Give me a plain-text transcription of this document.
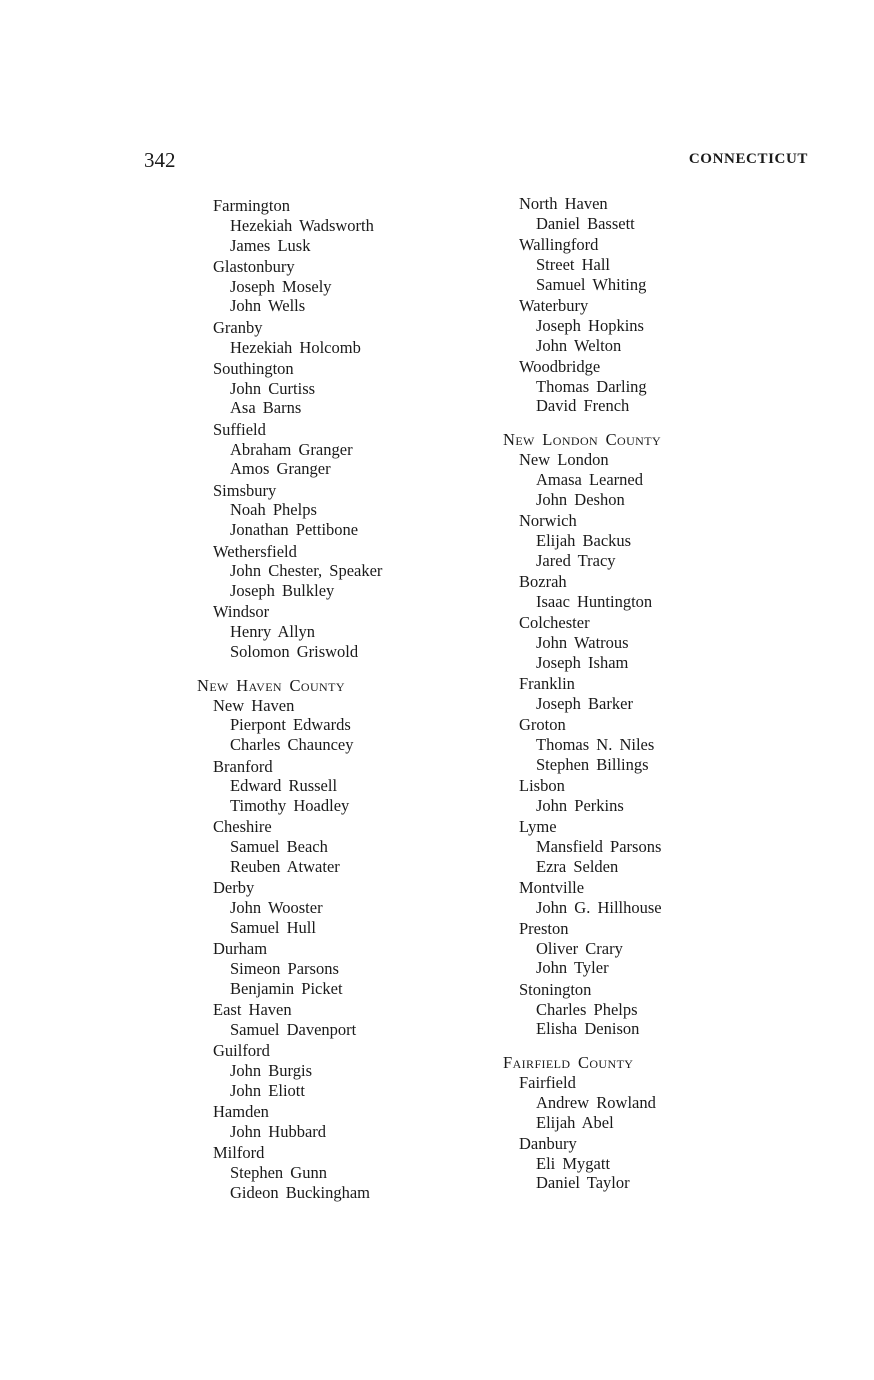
342	CONNECTICUT
Farmington
Hezekiah Wadsworth
James Lusk
Glastonbury
Joseph Mosely
John Wells
Granby
Hezekiah Holcomb
Southington
John Curtiss
Asa Barns
Suffield
Abraham Granger
Amos Granger
Simsbury
Noah Phelps
Jonathan Pettibone
Wethersfield
John Chester, Speaker
Joseph Bulkley
Windsor
Henry Allyn
Solomon Griswold
New Haven County
New Haven
Pierpont Edwards
Charles Chauncey
Branford
Edward Russell
Timothy Hoadley
Cheshire
Samuel Beach
Reuben Atwater
Derby
John Wooster
Samuel Hull
Durham
Simeon Parsons
Benjamin Picket
East Haven
Samuel Davenport
Guilford
John Burgis
John Eliott
Hamden
John Hubbard
Milford
Stephen Gunn
Gideon Buckingham
North Haven
Daniel Bassett
Wallingford
Street Hall
Samuel Whiting
Waterbury
Joseph Hopkins
John Welton
Woodbridge
Thomas Darling
David French
New London County
New London
Amasa Learned
John Deshon
Norwich
Elijah Backus
Jared Tracy
Bozrah
Isaac Huntington
Colchester
John Watrous
Joseph Isham
Franklin
Joseph Barker
Groton
Thomas N. Niles
Stephen Billings
Lisbon
John Perkins
Lyme
Mansfield Parsons
Ezra Selden
Montville
John G. Hillhouse
Preston
Oliver Crary
John Tyler
Stonington
Charles Phelps
Elisha Denison
Fairfield County
Fairfield
Andrew Rowland
Elijah Abel
Danbury
Eli Mygatt
Daniel Taylor
